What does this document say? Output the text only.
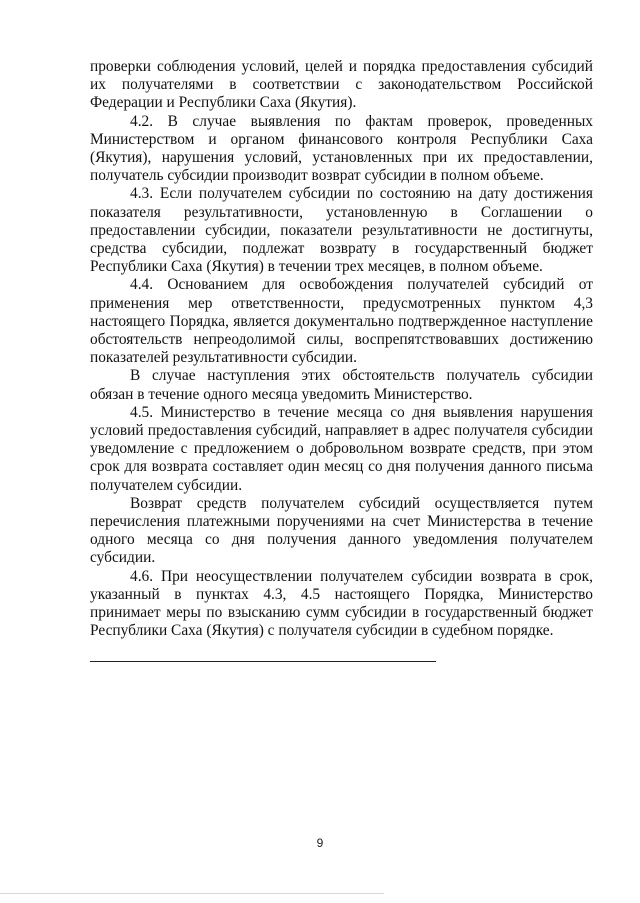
проверки соблюдения условий, целей и порядка предоставления субсидий их получателями в соответствии с законодательством Российской Федерации и Республики Саха (Якутия).

4.2. В случае выявления по фактам проверок, проведенных Министерством и органом финансового контроля Республики Саха (Якутия), нарушения условий, установленных при их предоставлении, получатель субсидии производит возврат субсидии в полном объеме.

4.3. Если получателем субсидии по состоянию на дату достижения показателя результативности, установленную в Соглашении о предоставлении субсидии, показатели результативности не достигнуты, средства субсидии, подлежат возврату в государственный бюджет Республики Саха (Якутия) в течении трех месяцев, в полном объеме.

4.4. Основанием для освобождения получателей субсидий от применения мер ответственности, предусмотренных пунктом 4,3 настоящего Порядка, является документально подтвержденное наступление обстоятельств непреодолимой силы, воспрепятствовавших достижению показателей результативности субсидии.

В случае наступления этих обстоятельств получатель субсидии обязан в течение одного месяца уведомить Министерство.

4.5. Министерство в течение месяца со дня выявления нарушения условий предоставления субсидий, направляет в адрес получателя субсидии уведомление с предложением о добровольном возврате средств, при этом срок для возврата составляет один месяц со дня получения данного письма получателем субсидии.

Возврат средств получателем субсидий осуществляется путем перечисления платежными поручениями на счет Министерства в течение одного месяца со дня получения данного уведомления получателем субсидии.

4.6. При неосуществлении получателем субсидии возврата в срок, указанный в пунктах 4.3, 4.5 настоящего Порядка, Министерство принимает меры по взысканию сумм субсидии в государственный бюджет Республики Саха (Якутия) с получателя субсидии в судебном порядке.

9
